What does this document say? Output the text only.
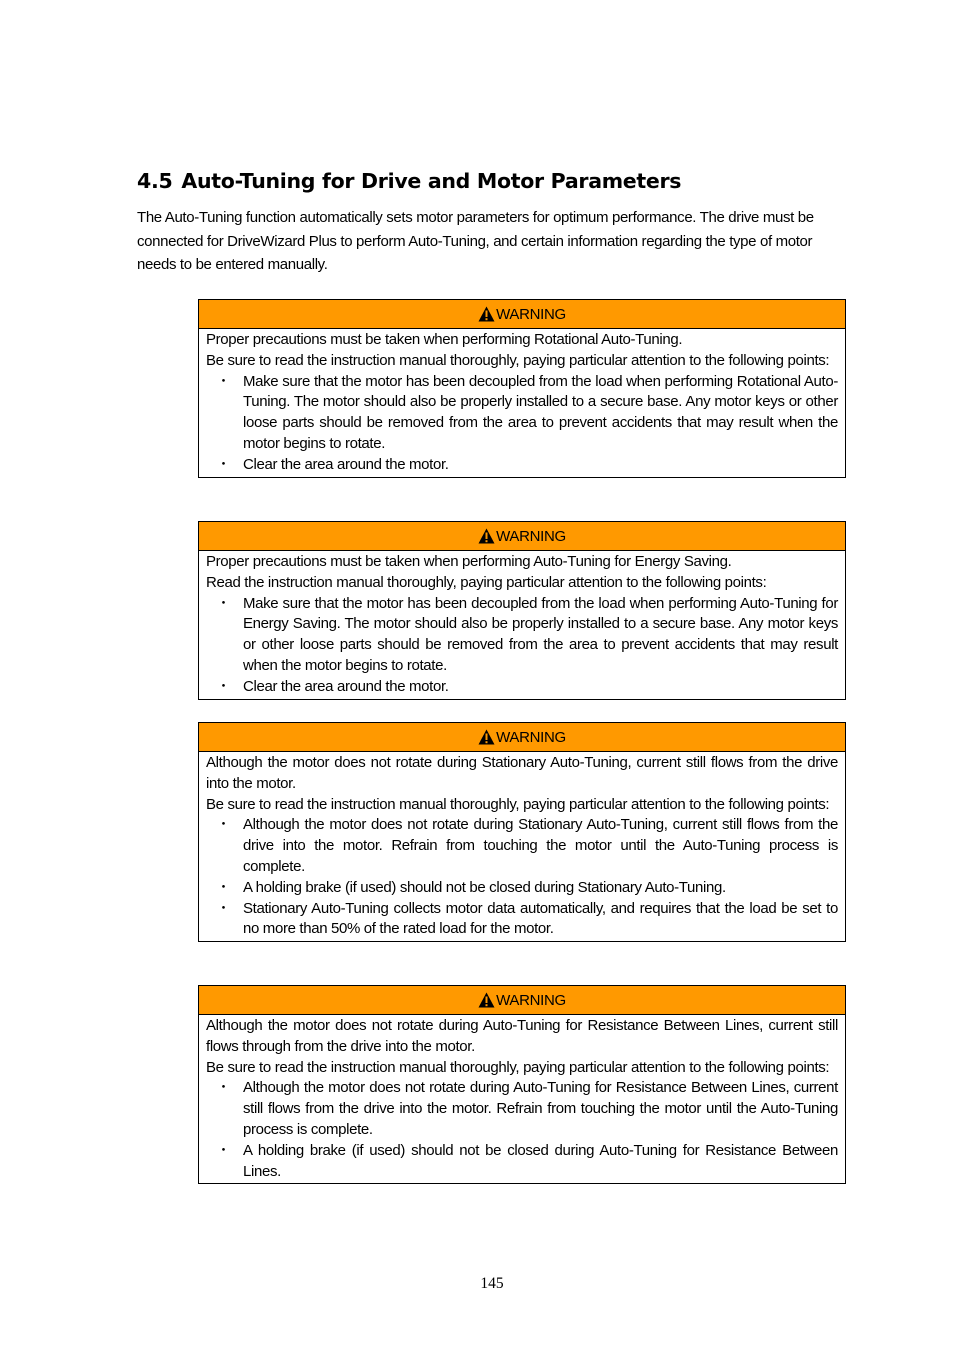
4.5 Auto-Tuning for Drive and Motor Parameters

The Auto-Tuning function automatically sets motor parameters for optimum performance. The drive must be connected for DriveWizard Plus to perform Auto-Tuning, and certain information regarding the type of motor needs to be entered manually.

WARNING

Proper precautions must be taken when performing Rotational Auto-Tuning.

Be sure to read the instruction manual thoroughly, paying particular attention to the following points:

・ Make sure that the motor has been decoupled from the load when performing Rotational Auto-Tuning. The motor should also be properly installed to a secure base. Any motor keys or other loose parts should be removed from the area to prevent accidents that may result when the motor begins to rotate.
・ Clear the area around the motor.
WARNING

Proper precautions must be taken when performing Auto-Tuning for Energy Saving.

Read the instruction manual thoroughly, paying particular attention to the following points:

・ Make sure that the motor has been decoupled from the load when performing Auto-Tuning for Energy Saving. The motor should also be properly installed to a secure base. Any motor keys or other loose parts should be removed from the area to prevent accidents that may result when the motor begins to rotate.
・ Clear the area around the motor.
WARNING

Although the motor does not rotate during Stationary Auto-Tuning, current still flows from the drive into the motor.

Be sure to read the instruction manual thoroughly, paying particular attention to the following points:

・ Although the motor does not rotate during Stationary Auto-Tuning, current still flows from the drive into the motor. Refrain from touching the motor until the Auto-Tuning process is complete.
・ A holding brake (if used) should not be closed during Stationary Auto-Tuning.
・ Stationary Auto-Tuning collects motor data automatically, and requires that the load be set to no more than 50% of the rated load for the motor.
WARNING

Although the motor does not rotate during Auto-Tuning for Resistance Between Lines, current still flows through from the drive into the motor.

Be sure to read the instruction manual thoroughly, paying particular attention to the following points:

・ Although the motor does not rotate during Auto-Tuning for Resistance Between Lines, current still flows from the drive into the motor. Refrain from touching the motor until the Auto-Tuning process is complete.
・ A holding brake (if used) should not be closed during Auto-Tuning for Resistance Between Lines.
145
